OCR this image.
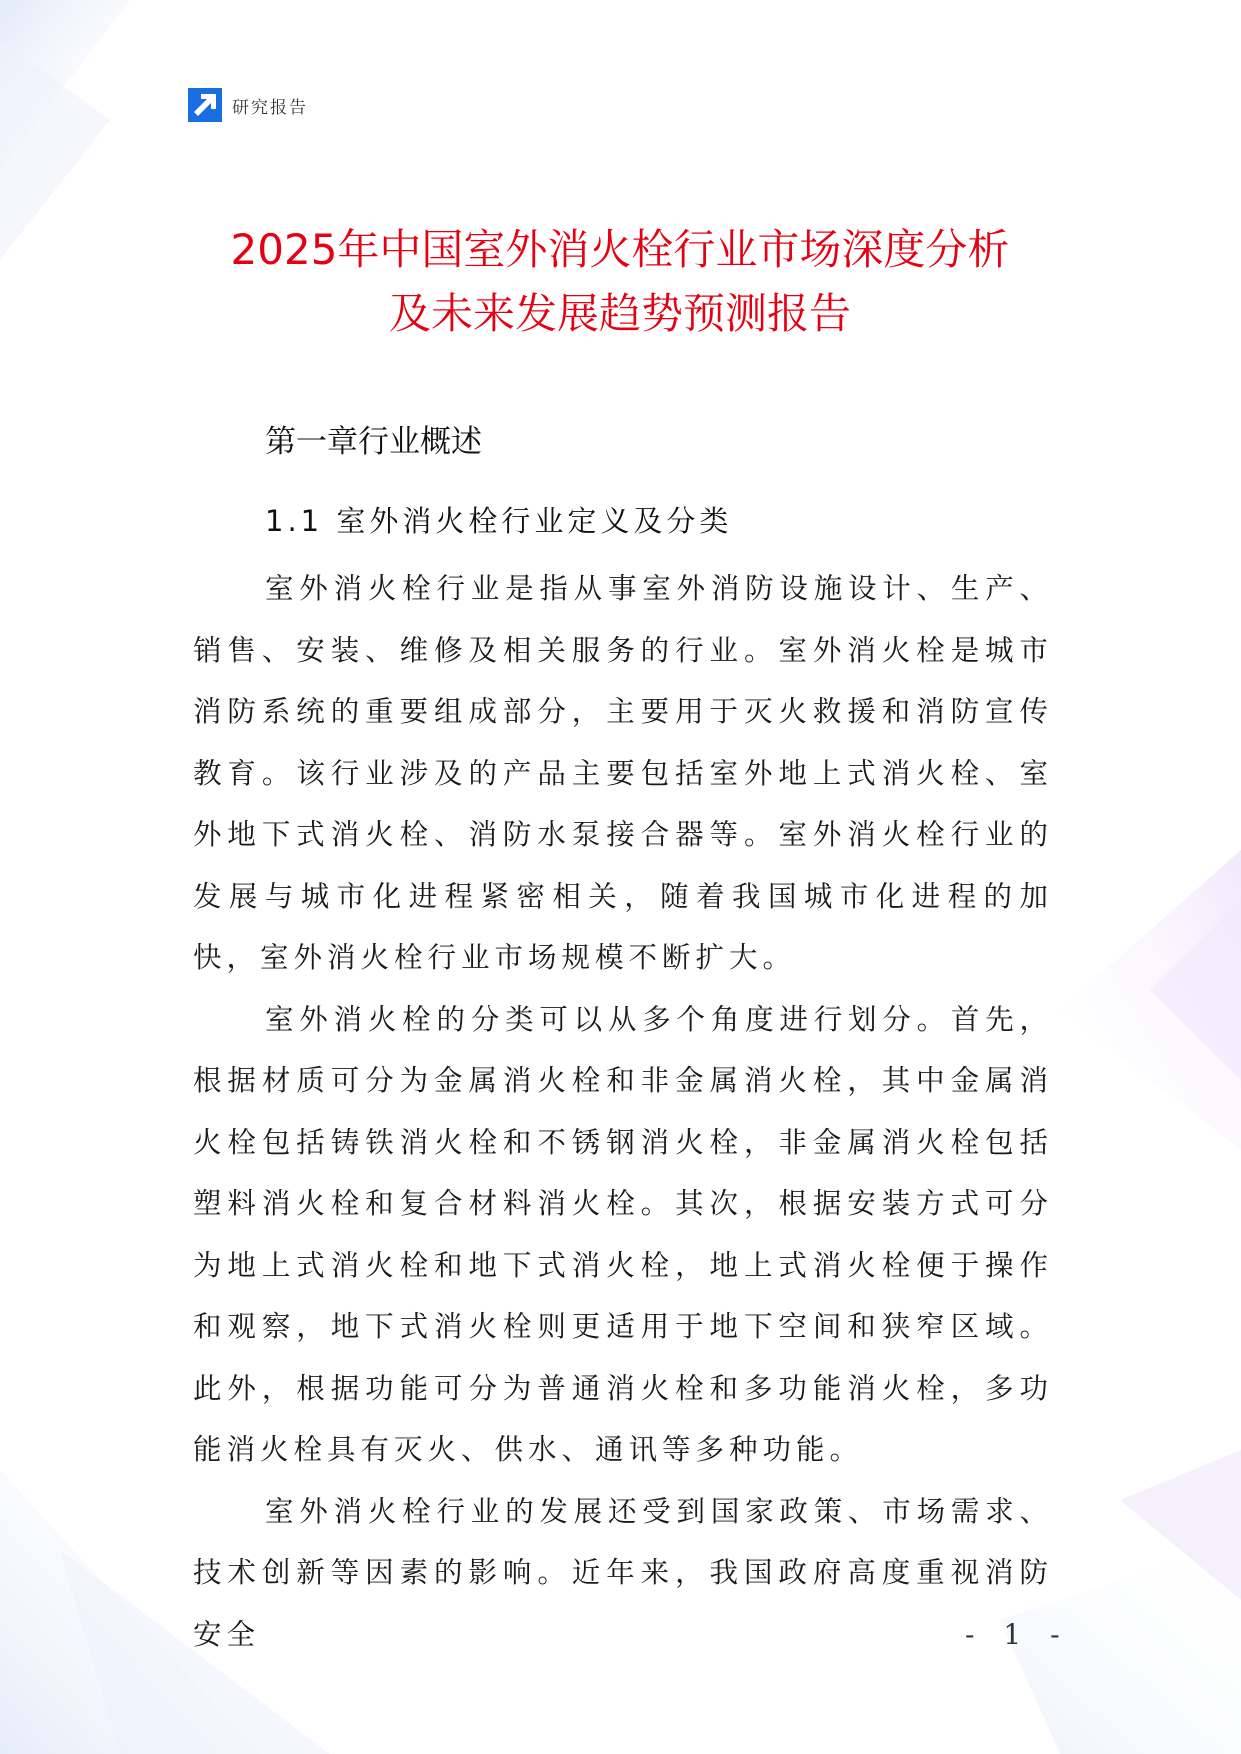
研究报告
2025年中国室外消火栓行业市场深度分析
及未来发展趋势预测报告
第一章行业概述
1.1 室外消火栓行业定义及分类

室外消火栓行业是指从事室外消防设施设计、生产、销售、安装、维修及相关服务的行业。室外消火栓是城市消防系统的重要组成部分，主要用于灭火救援和消防宣传教育。该行业涉及的产品主要包括室外地上式消火栓、室外地下式消火栓、消防水泵接合器等。室外消火栓行业的发展与城市化进程紧密相关，随着我国城市化进程的加快，室外消火栓行业市场规模不断扩大。

室外消火栓的分类可以从多个角度进行划分。首先，根据材质可分为金属消火栓和非金属消火栓，其中金属消火栓包括铸铁消火栓和不锈钢消火栓，非金属消火栓包括塑料消火栓和复合材料消火栓。其次，根据安装方式可分为地上式消火栓和地下式消火栓，地上式消火栓便于操作和观察，地下式消火栓则更适用于地下空间和狭窄区域。此外，根据功能可分为普通消火栓和多功能消火栓，多功能消火栓具有灭火、供水、通讯等多种功能。

室外消火栓行业的发展还受到国家政策、市场需求、技术创新等因素的影响。近年来，我国政府高度重视消防安全	- 1 -
